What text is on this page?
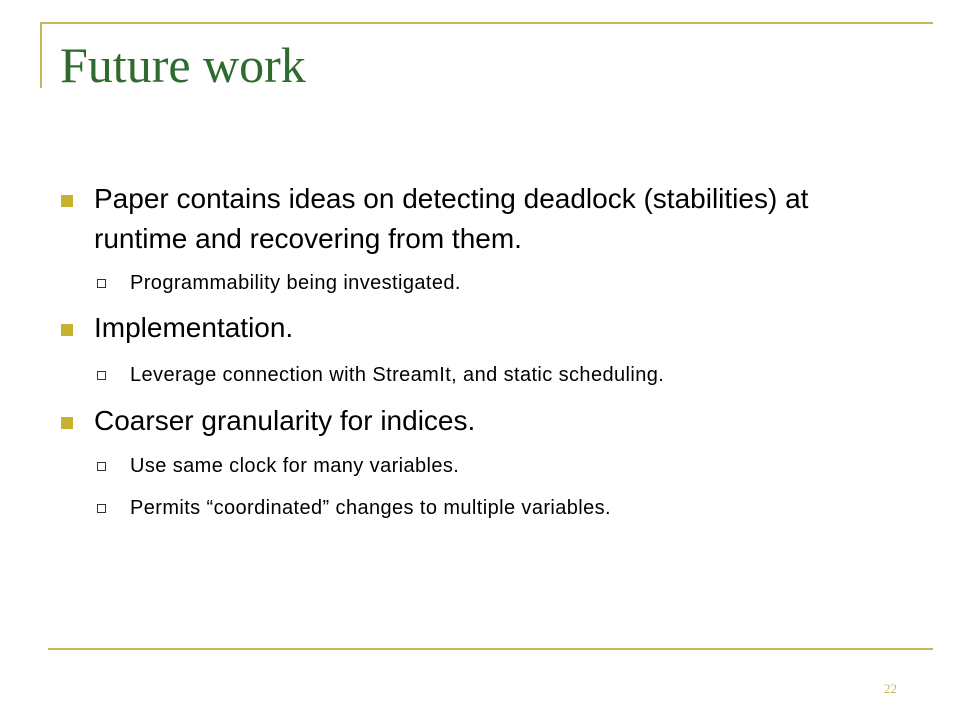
Future work
Paper contains ideas on detecting deadlock (stabilities) at runtime and recovering from them.
Programmability being investigated.
Implementation.
Leverage connection with StreamIt, and static scheduling.
Coarser granularity for indices.
Use same clock for many variables.
Permits “coordinated” changes to multiple variables.
22
